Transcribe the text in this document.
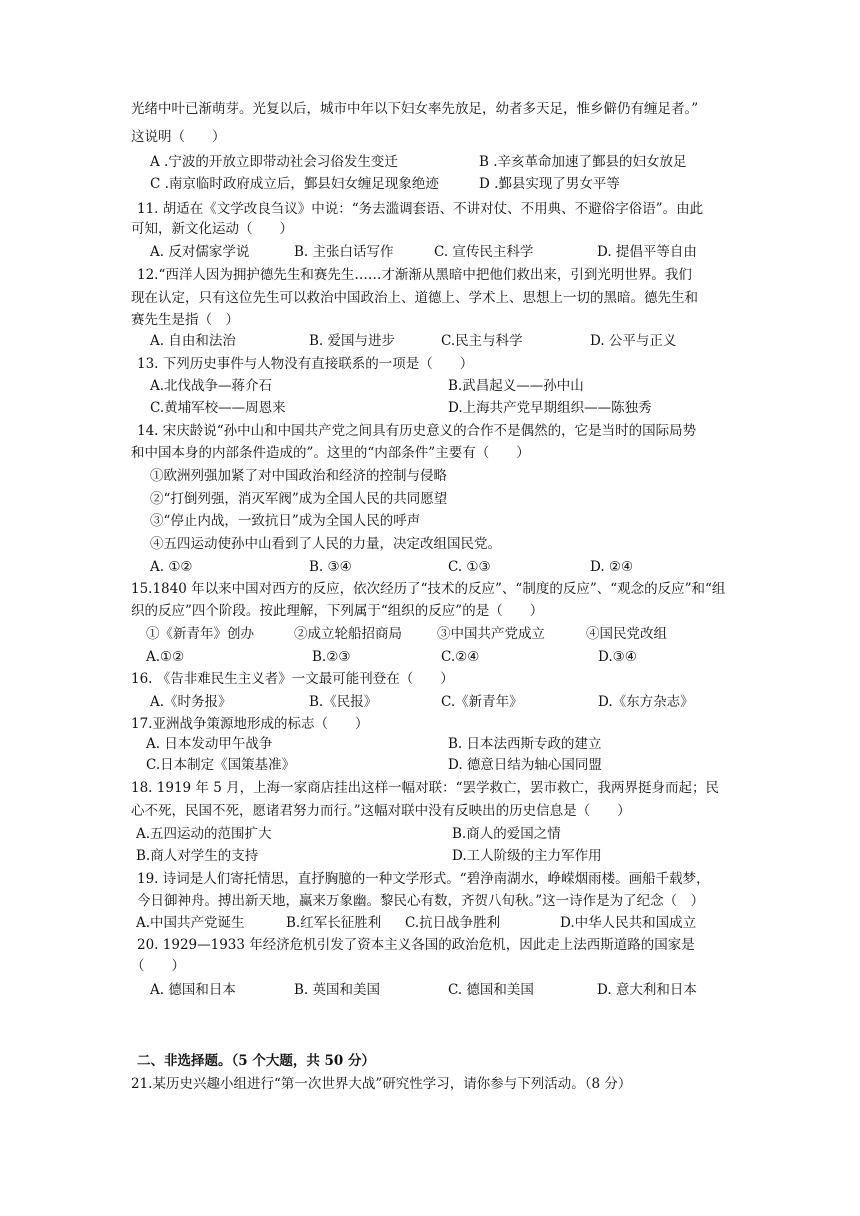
光绪中叶已渐萌芽。光复以后，城市中年以下妇女率先放足，幼者多天足，惟乡僻仍有缠足者。”
这说明（　　）
A .宁波的开放立即带动社会习俗发生变迁	B .辛亥革命加速了鄞县的妇女放足
C .南京临时政府成立后，鄞县妇女缠足现象绝迹	D .鄞县实现了男女平等
11. 胡适在《文学改良刍议》中说：“务去滥调套语、不讲对仗、不用典、不避俗字俗语”。由此
可知，新文化运动（　　）
A. 反对儒家学说	B. 主张白话写作	C. 宣传民主科学	D. 提倡平等自由
12.“西洋人因为拥护德先生和赛先生……才渐渐从黑暗中把他们救出来，引到光明世界。我们
现在认定，只有这位先生可以救治中国政治上、道德上、学术上、思想上一切的黑暗。德先生和
赛先生是指（　）
A. 自由和法治	B. 爱国与进步	C.民主与科学	D. 公平与正义
13. 下列历史事件与人物没有直接联系的一项是（　　）
A.北伐战争—蒋介石	B.武昌起义——孙中山
C.黄埔军校——周恩来	D.上海共产党早期组织——陈独秀
14. 宋庆龄说“孙中山和中国共产党之间具有历史意义的合作不是偶然的，它是当时的国际局势
和中国本身的内部条件造成的”。这里的“内部条件”主要有（　　）
①欧洲列强加紧了对中国政治和经济的控制与侵略
②“打倒列强，消灭军阀”成为全国人民的共同愿望
③“停止内战，一致抗日”成为全国人民的呼声
④五四运动使孙中山看到了人民的力量，决定改组国民党。
A. ①②	B. ③④	C. ①③	D. ②④
15.1840 年以来中国对西方的反应，依次经历了“技术的反应”、“制度的反应”、“观念的反应”和“组
织的反应”四个阶段。按此理解，下列属于“组织的反应”的是（　　）
①《新青年》创办	②成立轮船招商局	③中国共产党成立	④国民党改组
A.①②	B.②③	C.②④	D.③④
16. 《告非难民生主义者》一文最可能刊登在（　　）
A.《时务报》	B.《民报》	C.《新青年》	D.《东方杂志》
17.亚洲战争策源地形成的标志（　　）
A. 日本发动甲午战争	B. 日本法西斯专政的建立
C.日本制定《国策基准》	D. 德意日结为轴心国同盟
18. 1919 年 5 月，上海一家商店挂出这样一幅对联：“罢学救亡，罢市救亡，我两界挺身而起；民
心不死，民国不死，愿诸君努力而行。”这幅对联中没有反映出的历史信息是（　　）
A.五四运动的范围扩大	B.商人的爱国之情
B.商人对学生的支持	D.工人阶级的主力军作用
19. 诗词是人们寄托情思，直抒胸臆的一种文学形式。“碧浄南湖水，峥嵘烟雨楼。画船千载梦，
今日御神舟。搏出新天地，赢来万象幽。黎民心有数，齐贺八旬秋。”这一诗作是为了纪念（　）
A.中国共产党诞生	B.红军长征胜利 C.抗日战争胜利	D.中华人民共和国成立
20. 1929—1933 年经济危机引发了资本主义各国的政治危机，因此走上法西斯道路的国家是
（　　）
A. 德国和日本	B. 英国和美国	C. 德国和美国	D. 意大利和日本
二、非选择题。（5 个大题，共 50 分）
21.某历史兴趣小组进行“第一次世界大战”研究性学习，请你参与下列活动。（8 分）
